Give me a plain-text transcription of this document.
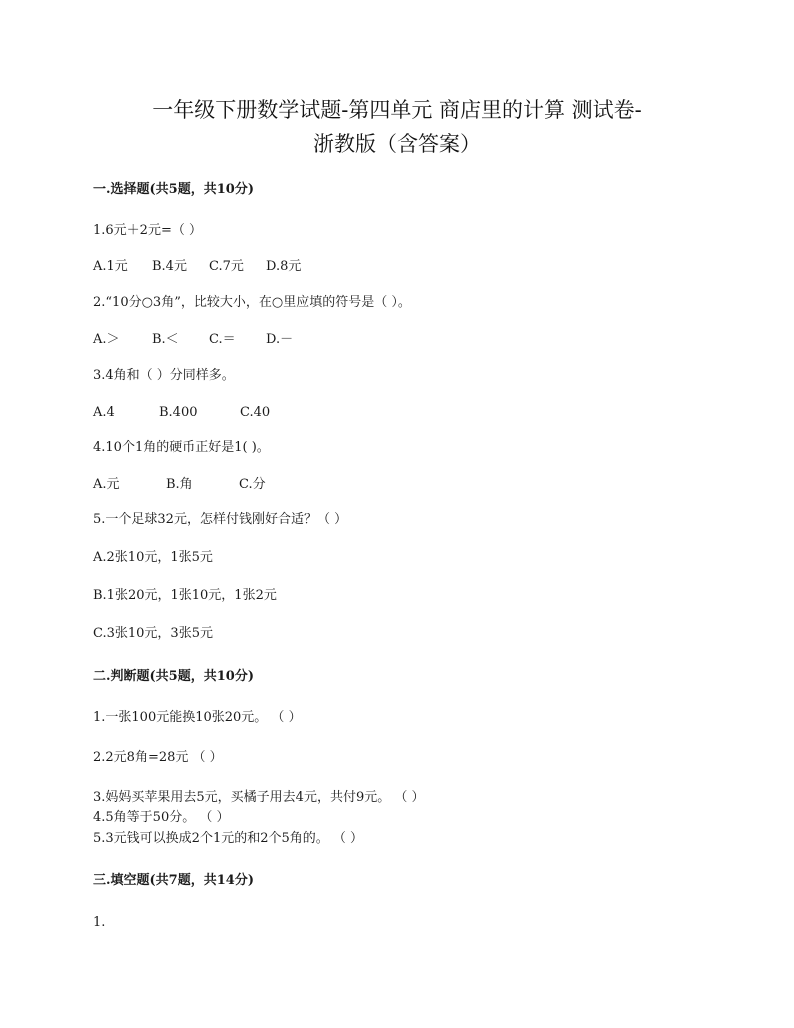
一年级下册数学试题-第四单元 商店里的计算 测试卷-
浙教版（含答案）
一.选择题(共5题，共10分)
1.6元＋2元=（ ）
A.1元 B.4元 C.7元 D.8元
2.“10分○3角”，比较大小，在○里应填的符号是（ ）。
A.＞ B.＜ C.＝ D.－
3.4角和（ ）分同样多。
A.4	B.400	C.40
4.10个1角的硬币正好是1( )。
A.元	B.角	C.分
5.一个足球32元，怎样付钱刚好合适？（ ）
A.2张10元，1张5元
B.1张20元，1张10元，1张2元
C.3张10元，3张5元
二.判断题(共5题，共10分)
1.一张100元能换10张20元。 （ ）
2.2元8角=28元 （ ）
3.妈妈买苹果用去5元，买橘子用去4元，共付9元。 （ ）
4.5角等于50分。 （ ）
5.3元钱可以换成2个1元的和2个5角的。 （ ）
三.填空题(共7题，共14分)
1.
